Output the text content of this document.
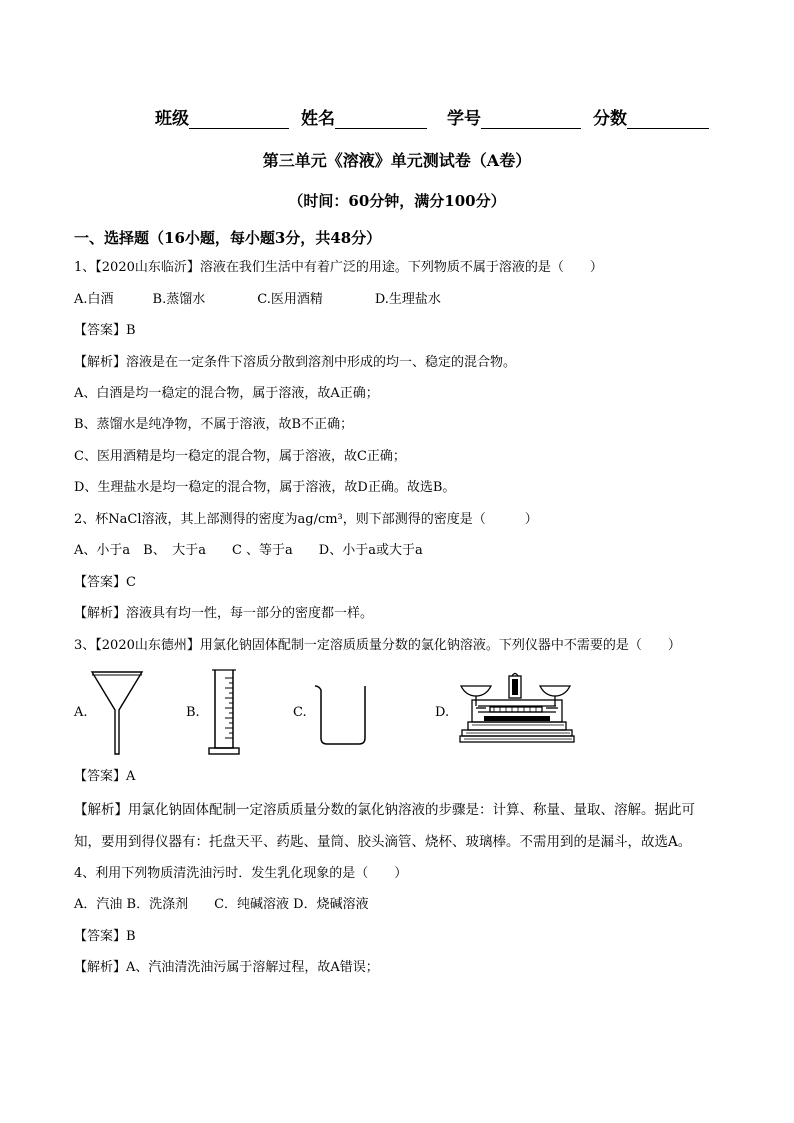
班级	姓名	学号	分数
第三单元《溶液》单元测试卷（A卷）
（时间：60分钟，满分100分）
一、选择题（16小题，每小题3分，共48分）
1、【2020山东临沂】溶液在我们生活中有着广泛的用途。下列物质不属于溶液的是（　　）
A.白酒　　　B.蒸馏水　　　　C.医用酒精　　　　D.生理盐水
【答案】B
【解析】溶液是在一定条件下溶质分散到溶剂中形成的均一、稳定的混合物。
A、白酒是均一稳定的混合物，属于溶液，故A正确；
B、蒸馏水是纯净物，不属于溶液，故B不正确；
C、医用酒精是均一稳定的混合物，属于溶液，故C正确；
D、生理盐水是均一稳定的混合物，属于溶液，故D正确。故选B。
2、杯NaCl溶液，其上部测得的密度为ag/cm³，则下部测得的密度是（　　　）
A、小于a　B、　大于a　　C 、等于a　　D、小于a或大于a
【答案】C
【解析】溶液具有均一性，每一部分的密度都一样。
3、【2020山东德州】用氯化钠固体配制一定溶质质量分数的氯化钠溶液。下列仪器中不需要的是（　　）
A.	B.	C.	D.
【答案】A
【解析】用氯化钠固体配制一定溶质质量分数的氯化钠溶液的步骤是：计算、称量、量取、溶解。据此可
知，要用到得仪器有：托盘天平、药匙、量筒、胶头滴管、烧杯、玻璃棒。不需用到的是漏斗，故选A。
4、利用下列物质清洗油污时．发生乳化现象的是（　　）
A．汽油 B．洗涤剂　　C．纯碱溶液 D．烧碱溶液
【答案】B
【解析】A、汽油清洗油污属于溶解过程，故A错误；
